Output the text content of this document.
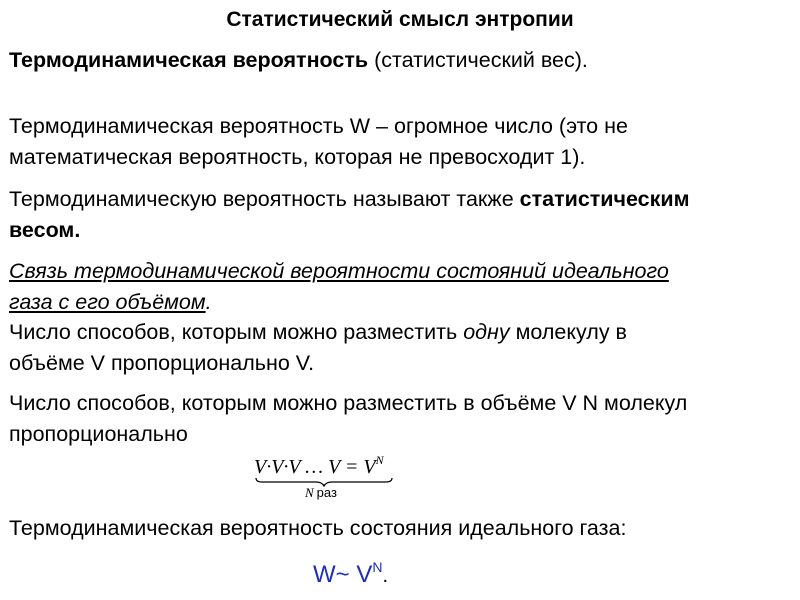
Статистический смысл энтропии
Термодинамическая вероятность (статистический вес).
Термодинамическая вероятность W – огромное число (это не
математическая вероятность, которая не превосходит 1).
Термодинамическую вероятность называют также статистическим
весом.
Связь термодинамической вероятности состояний идеального
газа с его объёмом.
Число способов, которым можно разместить одну молекулу в
объёме V пропорционально V.
Число способов, которым можно разместить в объёме V N молекул
пропорционально
V·V·V … $V = V^N$
N раз
Термодинамическая вероятность состояния идеального газа:
W~ $V^N$.
